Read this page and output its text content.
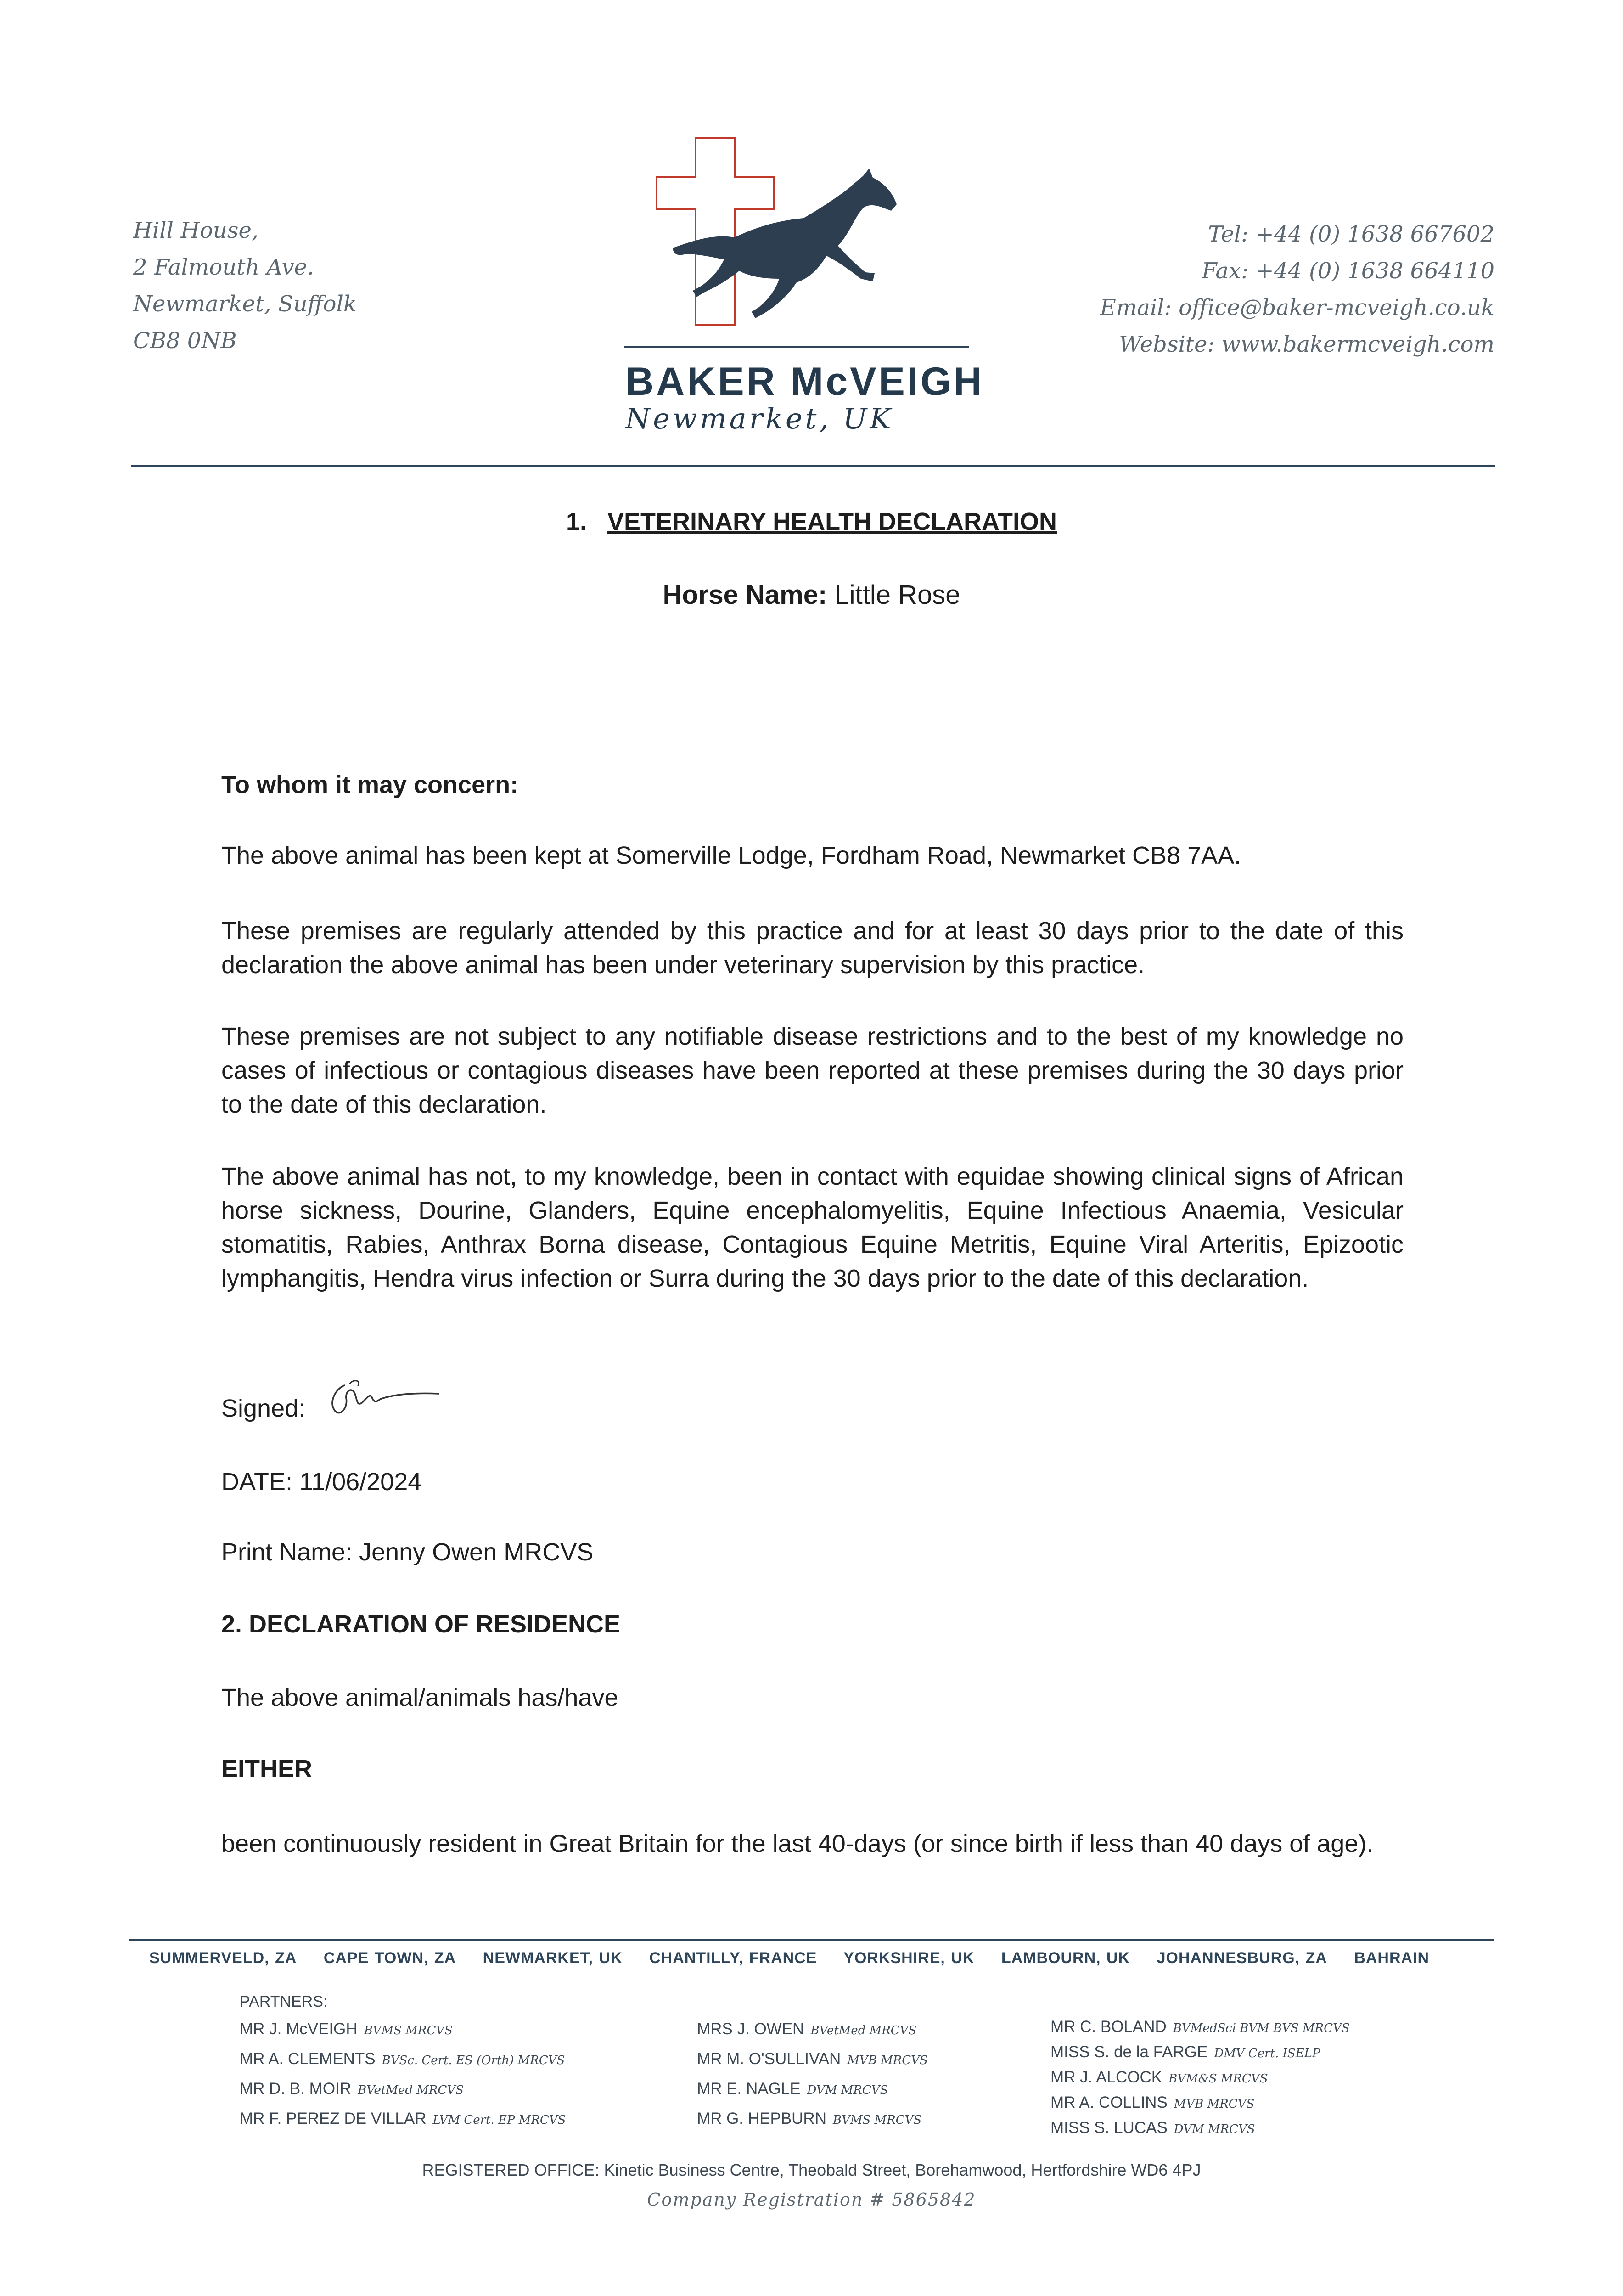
Hill House,
2 Falmouth Ave.
Newmarket, Suffolk
CB8 0NB
BAKER McVEIGH
Newmarket, UK
Tel: +44 (0) 1638 667602
Fax: +44 (0) 1638 664110
Email: office@baker-mcveigh.co.uk
Website: www.bakermcveigh.com
1. VETERINARY HEALTH DECLARATION
Horse Name: Little Rose
To whom it may concern:
The above animal has been kept at Somerville Lodge, Fordham Road, Newmarket CB8 7AA.
These premises are regularly attended by this practice and for at least 30 days prior to the date of this declaration the above animal has been under veterinary supervision by this practice.
These premises are not subject to any notifiable disease restrictions and to the best of my knowledge no cases of infectious or contagious diseases have been reported at these premises during the 30 days prior to the date of this declaration.
The above animal has not, to my knowledge, been in contact with equidae showing clinical signs of African horse sickness, Dourine, Glanders, Equine encephalomyelitis, Equine Infectious Anaemia, Vesicular stomatitis, Rabies, Anthrax Borna disease, Contagious Equine Metritis, Equine Viral Arteritis, Epizootic lymphangitis, Hendra virus infection or Surra during the 30 days prior to the date of this declaration.
Signed:
DATE: 11/06/2024
Print Name: Jenny Owen MRCVS
2. DECLARATION OF RESIDENCE
The above animal/animals has/have
EITHER
been continuously resident in Great Britain for the last 40-days (or since birth if less than 40 days of age).
SUMMERVELD, ZA CAPE TOWN, ZA NEWMARKET, UK CHANTILLY, FRANCE YORKSHIRE, UK LAMBOURN, UK JOHANNESBURG, ZA BAHRAIN
PARTNERS:
MR J. McVEIGH BVMS MRCVS
MR A. CLEMENTS BVSc. Cert. ES (Orth) MRCVS
MR D. B. MOIR BVetMed MRCVS
MR F. PEREZ DE VILLAR LVM Cert. EP MRCVS
MRS J. OWEN BVetMed MRCVS
MR M. O'SULLIVAN MVB MRCVS
MR E. NAGLE DVM MRCVS
MR G. HEPBURN BVMS MRCVS
MR C. BOLAND BVMedSci BVM BVS MRCVS
MISS S. de la FARGE DMV Cert. ISELP
MR J. ALCOCK BVM&S MRCVS
MR A. COLLINS MVB MRCVS
MISS S. LUCAS DVM MRCVS
REGISTERED OFFICE: Kinetic Business Centre, Theobald Street, Borehamwood, Hertfordshire WD6 4PJ
Company Registration # 5865842
